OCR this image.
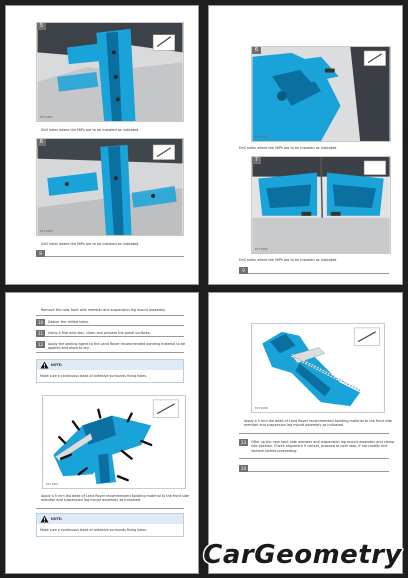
5
E271083
Drill holes where the MIPs are to be installed as indicated.
6
E271084
Drill holes where the MIPs are to be installed as indicated.
8
6
E271085
Drill holes where the MIPs are to be installed as indicated.
7
E271086
Drill holes where the MIPs are to be installed as indicated.
9
Remove the new front side member and suspension leg mount assembly.
10	Deburr the drilled holes.
11	Using a fine wire disc, clean and prepare the panel surfaces.
12	Apply the sealing agent to the Land Rover recommended bonding material to be applied and allow to dry.
NOTE:
Make sure a continuous bead of adhesive surrounds fixing holes.
E271087
Apply a 5 mm dia bead of Land Rover recommended bonding material to the front side member and suspension leg mount assembly as indicated.
NOTE:
Make sure a continuous bead of adhesive surrounds fixing holes.
E271088
Apply a 5 mm dia bead of Land Rover recommended bonding material to the front side member and suspension leg mount assembly as indicated.
13	Offer up the new front side member and suspension leg mount assembly and clamp into position. Check alignment if correct, proceed to next step, if not modify and recheck before proceeding.
14
CarGeometry
